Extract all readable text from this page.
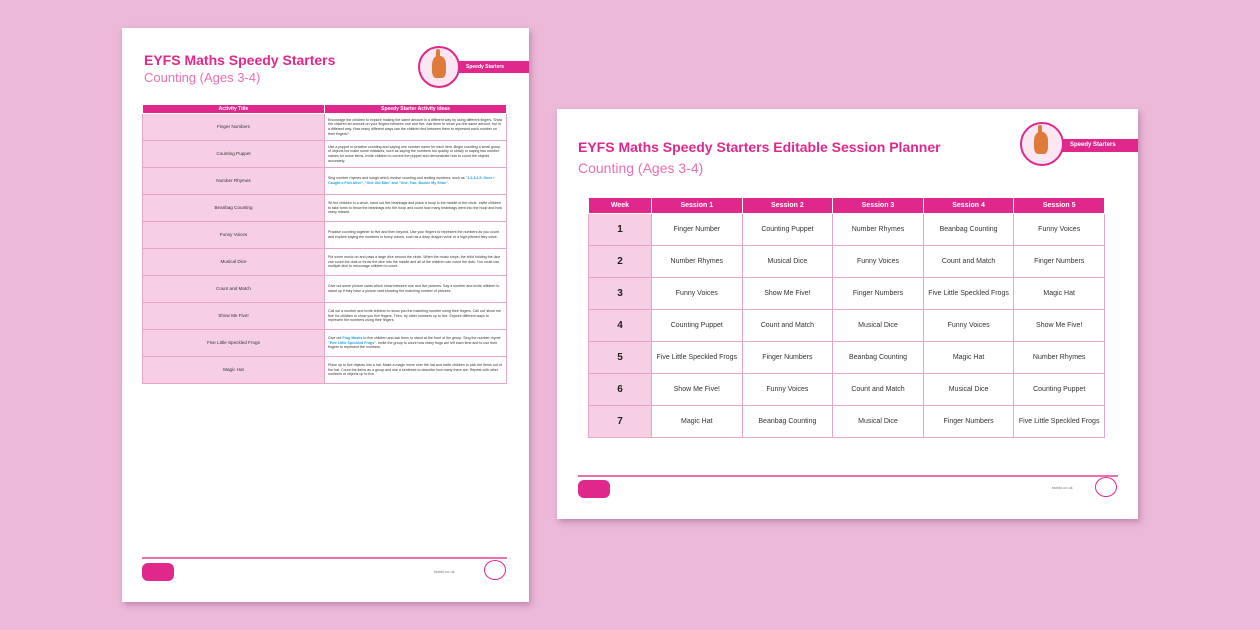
EYFS Maths Speedy Starters
Counting (Ages 3-4)
Speedy Starters
Activity Title	Speedy Starter Activity Ideas
Finger Numbers	Encourage the children to explore making the same amount in a different way by using different fingers. Show the children an amount on your fingers between one and five. Ask them to show you the same amount, but in a different way. How many different ways can the children find between them to represent each number on their fingers?
Counting Puppet	Use a puppet to practise counting and saying one number name for each item. Begin counting a small group of objects but make some mistakes, such as saying the numbers too quickly or slowly or saying two number names for some items. Invite children to correct the puppet and demonstrate how to count the objects accurately.
Number Rhymes	Sing number rhymes and songs which involve counting and reciting numbers, such as "1,2,3,4,5, Once I Caught a Fish Alive", "One Old Man" and "One, Two, Buckle My Shoe".
Beanbag Counting	Sit the children in a circle, hand out five beanbags and place a hoop in the middle of the circle. Invite children to take turns to throw the beanbags into the hoop and count how many beanbags went into the hoop and how many missed.
Funny Voices	Practise counting together to five and then beyond. Use your fingers to represent the numbers as you count and explore saying the numbers in funny voices, such as a deep dragon voice or a high-pitched fairy voice.
Musical Dice	Put some music on and pass a large dice around the circle. When the music stops, the child holding the dice can count the dots or throw the dice into the middle and all of the children can count the dots. You could use multiple dice to encourage children to count.
Count and Match	Give out some picture cards which show between one and five pictures. Say a number and invite children to stand up if they have a picture card showing the matching number of pictures.
Show Me Five!	Call out a number and invite children to show you the matching number using their fingers. Call out 'show me five' for children to show you five fingers. Then, try other numbers up to five. Explore different ways to represent the numbers using their fingers.
Five Little Speckled Frogs	Give out Frog Masks to five children and ask them to stand at the front of the group. Sing the number rhyme "Five Little Speckled Frogs". Invite the group to count how many frogs are left each time and to use their fingers to represent the numbers.
Magic Hat	Place up to five objects into a hat. Make a magic move over the hat and invite children to pick the items out of the hat. Count the items as a group and use a sentence to describe how many there are. Repeat with other numbers of objects up to five.
twinkl.co.uk
EYFS Maths Speedy Starters Editable Session Planner
Counting (Ages 3-4)
Speedy Starters
Week	Session 1	Session 2	Session 3	Session 4	Session 5
1	Finger Number	Counting Puppet	Number Rhymes	Beanbag Counting	Funny Voices
2	Number Rhymes	Musical Dice	Funny Voices	Count and Match	Finger Numbers
3	Funny Voices	Show Me Five!	Finger Numbers	Five Little Speckled Frogs	Magic Hat
4	Counting Puppet	Count and Match	Musical Dice	Funny Voices	Show Me Five!
5	Five Little Speckled Frogs	Finger Numbers	Beanbag Counting	Magic Hat	Number Rhymes
6	Show Me Five!	Funny Voices	Count and Match	Musical Dice	Counting Puppet
7	Magic Hat	Beanbag Counting	Musical Dice	Finger Numbers	Five Little Speckled Frogs
twinkl.co.uk
